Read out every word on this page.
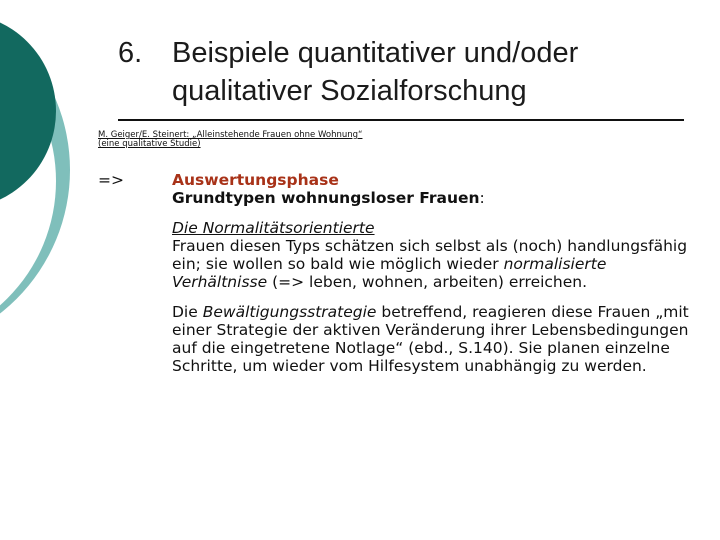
6. Beispiele quantitativer und/oder
qualitativer Sozialforschung
M. Geiger/E. Steinert: „Alleinstehende Frauen ohne Wohnung“
(eine qualitative Studie)
=>	Auswertungsphase
Grundtypen wohnungsloser Frauen:
Die Normalitätsorientierte
Frauen diesen Typs schätzen sich selbst als (noch) handlungsfähig ein; sie wollen so bald wie möglich wieder normalisierte Verhältnisse (=> leben, wohnen, arbeiten) erreichen.
Die Bewältigungsstrategie betreffend, reagieren diese Frauen „mit einer Strategie der aktiven Veränderung ihrer Lebensbedingungen auf die eingetretene Notlage“ (ebd., S.140). Sie planen einzelne Schritte, um wieder vom Hilfesystem unabhängig zu werden.
